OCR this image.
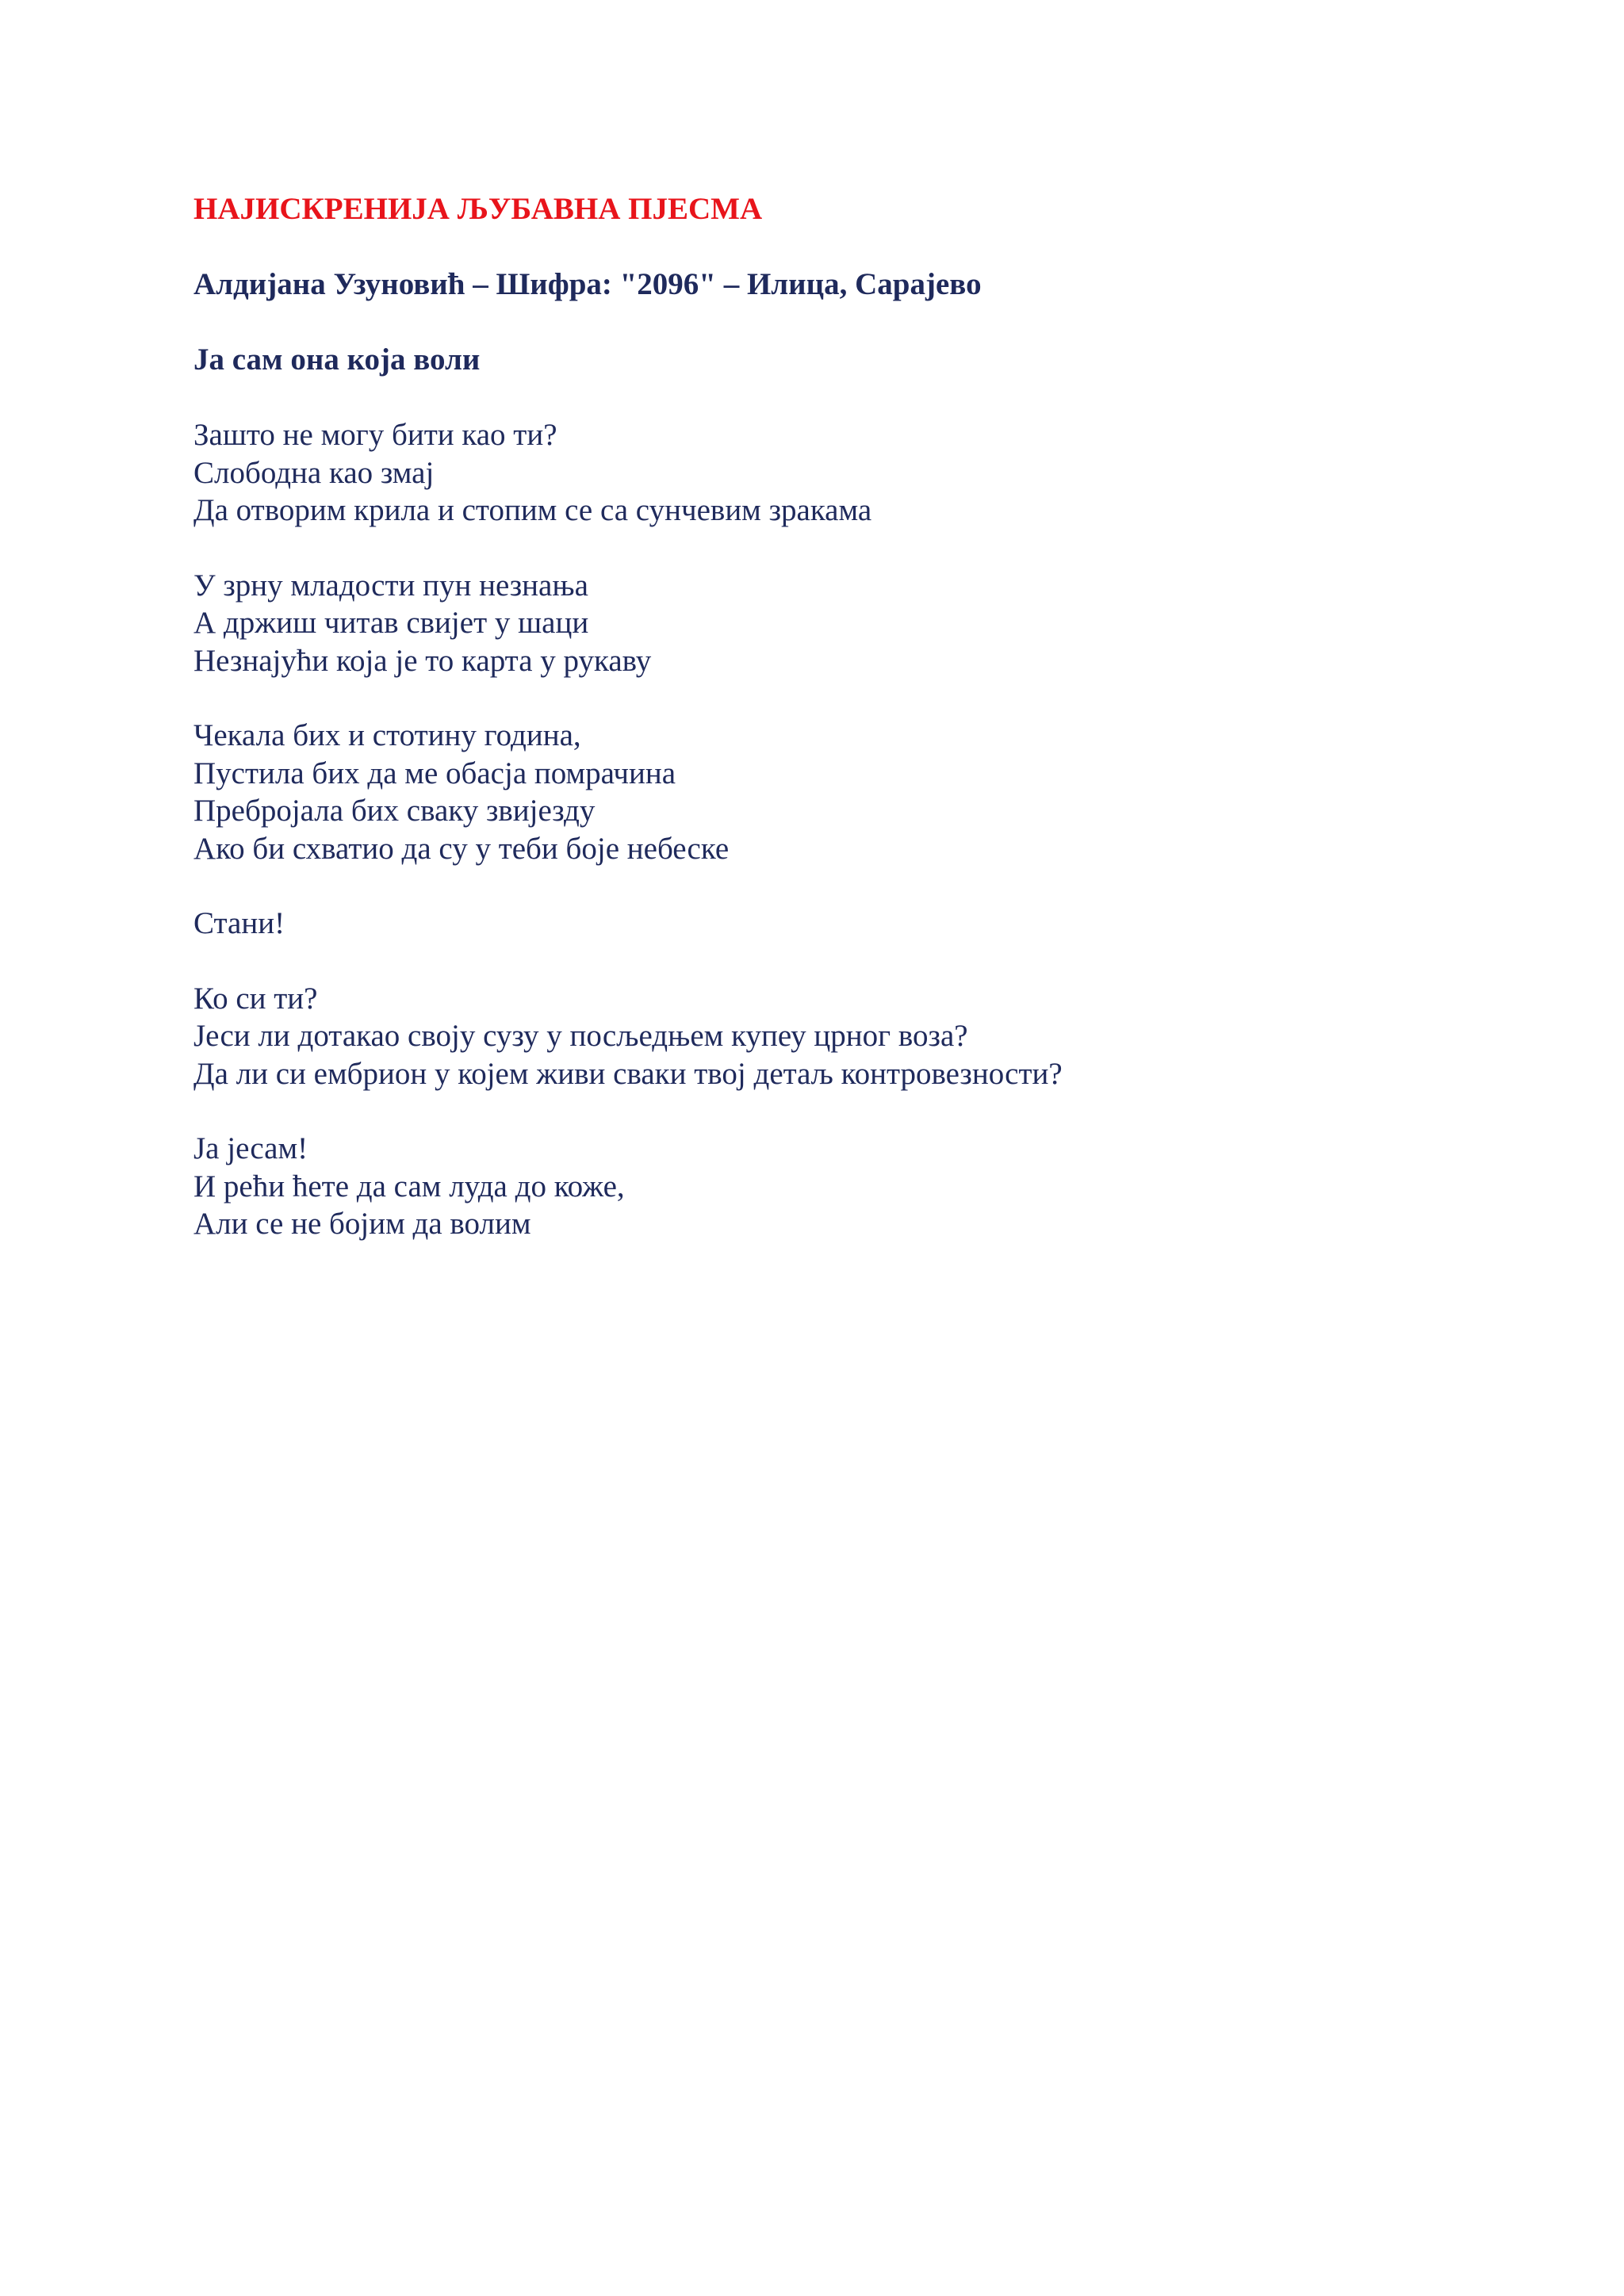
НАЈИСКРЕНИЈА ЉУБАВНА ПЈЕСМА
Алдијана Узуновић – Шифра: "2096" – Илица, Сарајево
Ја сам она која воли
Зашто не могу бити као ти?
Слободна као змај
Да отворим крила и стопим се са сунчевим зракама
У зрну младости пун незнања
А држиш читав свијет у шаци
Незнајући која је то карта у рукаву
Чекала бих и стотину година,
Пустила бих да ме обасја помрачина
Пребројала бих сваку звијезду
Ако би схватио да су у теби боје небеске
Стани!
Ко си ти?
Јеси ли дотакао своју сузу у посљедњем купеу црног воза?
Да ли си ембрион у којем живи сваки твој детаљ контровезности?
Ја јесам!
И рећи ћете да сам луда до коже,
Али се не бојим да волим
